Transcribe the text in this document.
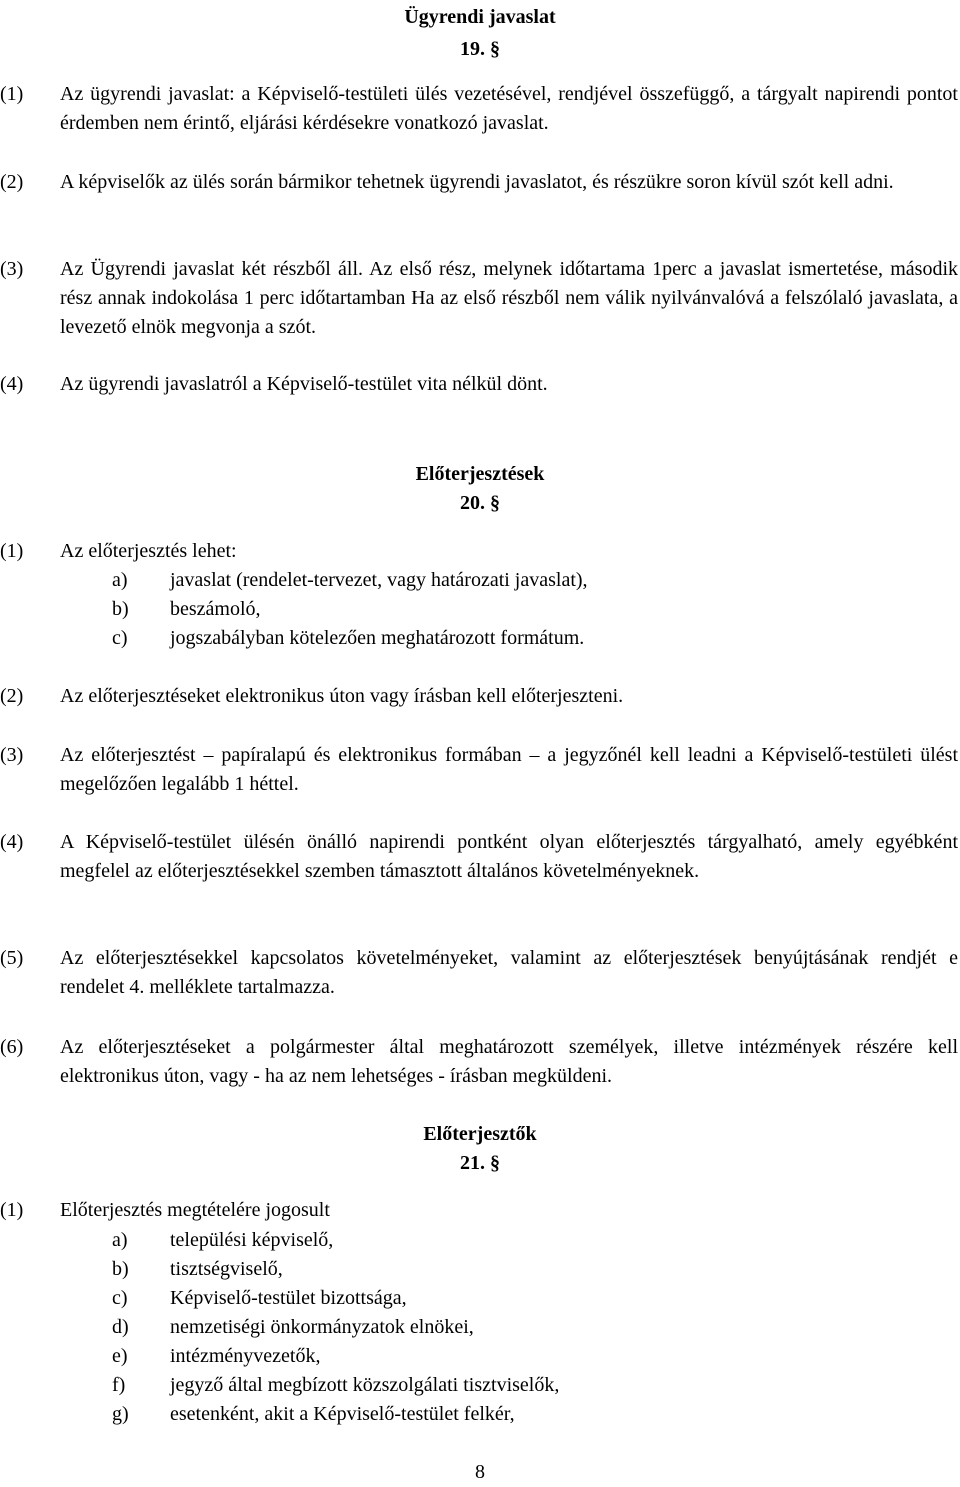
Ügyrendi javaslat
19. §
(1) Az ügyrendi javaslat: a Képviselő-testületi ülés vezetésével, rendjével összefüggő, a tárgyalt napirendi pontot érdemben nem érintő, eljárási kérdésekre vonatkozó javaslat.
(2) A képviselők az ülés során bármikor tehetnek ügyrendi javaslatot, és részükre soron kívül szót kell adni.
(3) Az Ügyrendi javaslat két részből áll. Az első rész, melynek időtartama 1perc a javaslat ismertetése, második rész annak indokolása 1 perc időtartamban Ha az első részből nem válik nyilvánvalóvá a felszólaló javaslata, a levezető elnök megvonja a szót.
(4) Az ügyrendi javaslatról a Képviselő-testület vita nélkül dönt.
Előterjesztések
20. §
(1) Az előterjesztés lehet:
a) javaslat (rendelet-tervezet, vagy határozati javaslat),
b) beszámoló,
c) jogszabályban kötelezően meghatározott formátum.
(2) Az előterjesztéseket elektronikus úton vagy írásban kell előterjeszteni.
(3) Az előterjesztést – papíralapú és elektronikus formában – a jegyzőnél kell leadni a Képviselő-testületi ülést megelőzően legalább 1 héttel.
(4) A Képviselő-testület ülésén önálló napirendi pontként olyan előterjesztés tárgyalható, amely egyébként megfelel az előterjesztésekkel szemben támasztott általános követelményeknek.
(5) Az előterjesztésekkel kapcsolatos követelményeket, valamint az előterjesztések benyújtásának rendjét e rendelet 4. melléklete tartalmazza.
(6) Az előterjesztéseket a polgármester által meghatározott személyek, illetve intézmények részére kell elektronikus úton, vagy - ha az nem lehetséges - írásban megküldeni.
Előterjesztők
21. §
(1) Előterjesztés megtételére jogosult
a) települési képviselő,
b) tisztségviselő,
c) Képviselő-testület bizottsága,
d) nemzetiségi önkormányzatok elnökei,
e) intézményvezetők,
f) jegyző által megbízott közszolgálati tisztviselők,
g) esetenként, akit a Képviselő-testület felkér,
8
